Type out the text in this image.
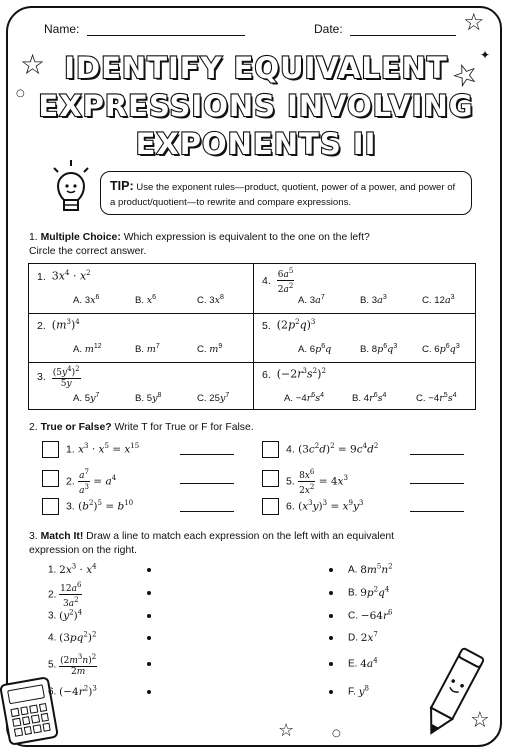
☆
○
☆
☆
✦
☆	☆
○
Name:	Date:
IDENTIFY EQUIVALENT
EXPRESSIONS INVOLVING
EXPONENTS II
TIP: Use the exponent rules—product, quotient, power of a power, and power of a product/quotient—to rewrite and compare expressions.
1. Multiple Choice: Which expression is equivalent to the one on the left?
Circle the correct answer.
1. $3x^4 \cdot x^2$
A. $3x^6$	B. $x^6$	C. $3x^8$
4. $\frac{6a^5}{2a^2}$
A. $3a^7$	B. $3a^3$	C. $12a^3$
2. $(m^3)^4$
A. $m^{12}$	B. $m^7$	C. $m^9$
5. $(2p^2q)^3$
A. $6p^6q$	B. $8p^6q^3$	C. $6p^6q^3$
3. $\frac{(5y^4)^2}{5y}$
A. $5y^7$	B. $5y^8$	C. $25y^7$
6. $(-2r^3s^2)^2$
A. $-4r^6s^4$	B. $4r^6s^4$	C. $-4r^5s^4$
2. True or False? Write T for True or F for False.
1. $x^3 \cdot x^5 = x^{15}$
2. $\frac{a^7}{a^3} = a^4$
3. $(b^2)^5 = b^{10}$
4. $(3c^2d)^2 = 9c^4d^2$
5. $\frac{8x^6}{2x^2} = 4x^3$
6. $(x^3y)^3 = x^9y^3$
3. Match It! Draw a line to match each expression on the left with an equivalent
expression on the right.
1. $2x^3 \cdot x^4$
2. $\frac{12a^6}{3a^2}$
3. $(y^2)^4$
4. $(3pq^2)^2$
5. $\frac{(2m^3n)^2}{2m}$
6. $(-4r^2)^3$
A. $8m^5n^2$
B. $9p^2q^4$
C. $-64r^6$
D. $2x^7$
E. $4a^4$
F. $y^8$
